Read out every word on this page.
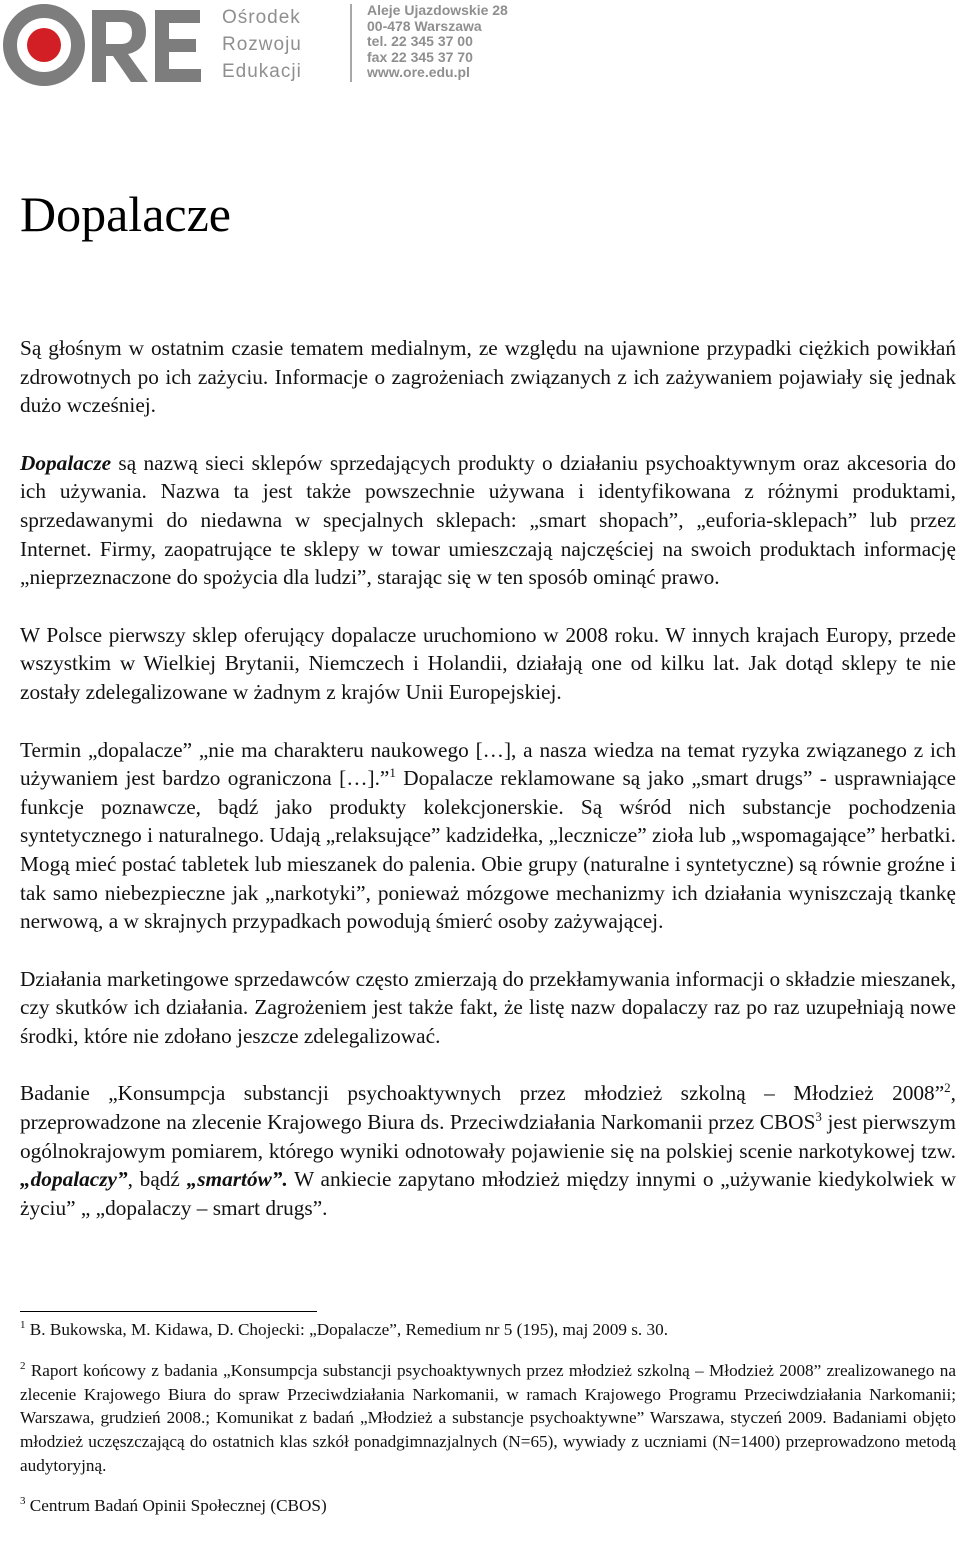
Ośrodek
Rozwoju
Edukacji
Aleje Ujazdowskie 28
00-478 Warszawa
tel. 22 345 37 00
fax 22 345 37 70
www.ore.edu.pl
Dopalacze

Są głośnym w ostatnim czasie tematem medialnym, ze względu na ujawnione przypadki ciężkich powikłań zdrowotnych po ich zażyciu. Informacje o zagrożeniach związanych z ich zażywaniem pojawiały się jednak dużo wcześniej.

Dopalacze są nazwą sieci sklepów sprzedających produkty o działaniu psychoaktywnym oraz akcesoria do ich używania. Nazwa ta jest także powszechnie używana i identyfikowana z różnymi produktami, sprzedawanymi do niedawna w specjalnych sklepach: „smart shopach”, „euforia-sklepach” lub przez Internet. Firmy, zaopatrujące te sklepy w towar umieszczają najczęściej na swoich produktach informację „nieprzeznaczone do spożycia dla ludzi”, starając się w ten sposób ominąć prawo.

W Polsce pierwszy sklep oferujący dopalacze uruchomiono w 2008 roku. W innych krajach Europy, przede wszystkim w Wielkiej Brytanii, Niemczech i Holandii, działają one od kilku lat. Jak dotąd sklepy te nie zostały zdelegalizowane w żadnym z krajów Unii Europejskiej.

Termin „dopalacze” „nie ma charakteru naukowego […], a nasza wiedza na temat ryzyka związanego z ich używaniem jest bardzo ograniczona […].”$^1$ Dopalacze reklamowane są jako „smart drugs” - usprawniające funkcje poznawcze, bądź jako produkty kolekcjonerskie. Są wśród nich substancje pochodzenia syntetycznego i naturalnego. Udają „relaksujące” kadzidełka, „lecznicze” zioła lub „wspomagające” herbatki. Mogą mieć postać tabletek lub mieszanek do palenia. Obie grupy (naturalne i syntetyczne) są równie groźne i tak samo niebezpieczne jak „narkotyki”, ponieważ mózgowe mechanizmy ich działania wyniszczają tkankę nerwową, a w skrajnych przypadkach powodują śmierć osoby zażywającej.

Działania marketingowe sprzedawców często zmierzają do przekłamywania informacji o składzie mieszanek, czy skutków ich działania. Zagrożeniem jest także fakt, że listę nazw dopalaczy raz po raz uzupełniają nowe środki, które nie zdołano jeszcze zdelegalizować.

Badanie „Konsumpcja substancji psychoaktywnych przez młodzież szkolną – Młodzież 2008”$^2$, przeprowadzone na zlecenie Krajowego Biura ds. Przeciwdziałania Narkomanii przez CBOS$^3$ jest pierwszym ogólnokrajowym pomiarem, którego wyniki odnotowały pojawienie się na polskiej scenie narkotykowej tzw. „dopalaczy”, bądź „smartów”. W ankiecie zapytano młodzież między innymi o „używanie kiedykolwiek w życiu” „ „dopalaczy – smart drugs”.

$^1$ B. Bukowska, M. Kidawa, D. Chojecki: „Dopalacze”, Remedium nr 5 (195), maj 2009 s. 30.

$^2$ Raport końcowy z badania „Konsumpcja substancji psychoaktywnych przez młodzież szkolną – Młodzież 2008” zrealizowanego na zlecenie Krajowego Biura do spraw Przeciwdziałania Narkomanii, w ramach Krajowego Programu Przeciwdziałania Narkomanii; Warszawa, grudzień 2008.; Komunikat z badań „Młodzież a substancje psychoaktywne” Warszawa, styczeń 2009. Badaniami objęto młodzież uczęszczającą do ostatnich klas szkół ponadgimnazjalnych (N=65), wywiady z uczniami (N=1400) przeprowadzono metodą audytoryjną.

$^3$ Centrum Badań Opinii Społecznej (CBOS)
